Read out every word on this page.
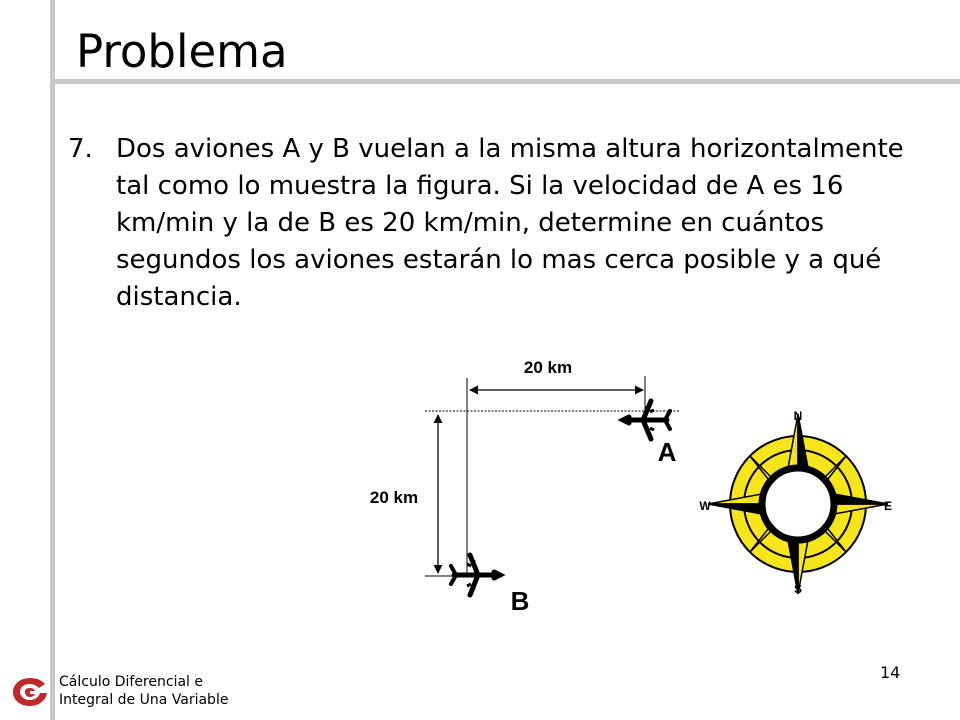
Problema
7. Dos aviones A y B vuelan a la misma altura horizontalmente tal como lo muestra la figura. Si la velocidad de A es 16 km/min y la de B es 20 km/min, determine en cuántos segundos los aviones estarán lo mas cerca posible y a qué distancia.
20 km
20 km
A
B
N
S
E
W
Cálculo Diferencial e
Integral de Una Variable
14
